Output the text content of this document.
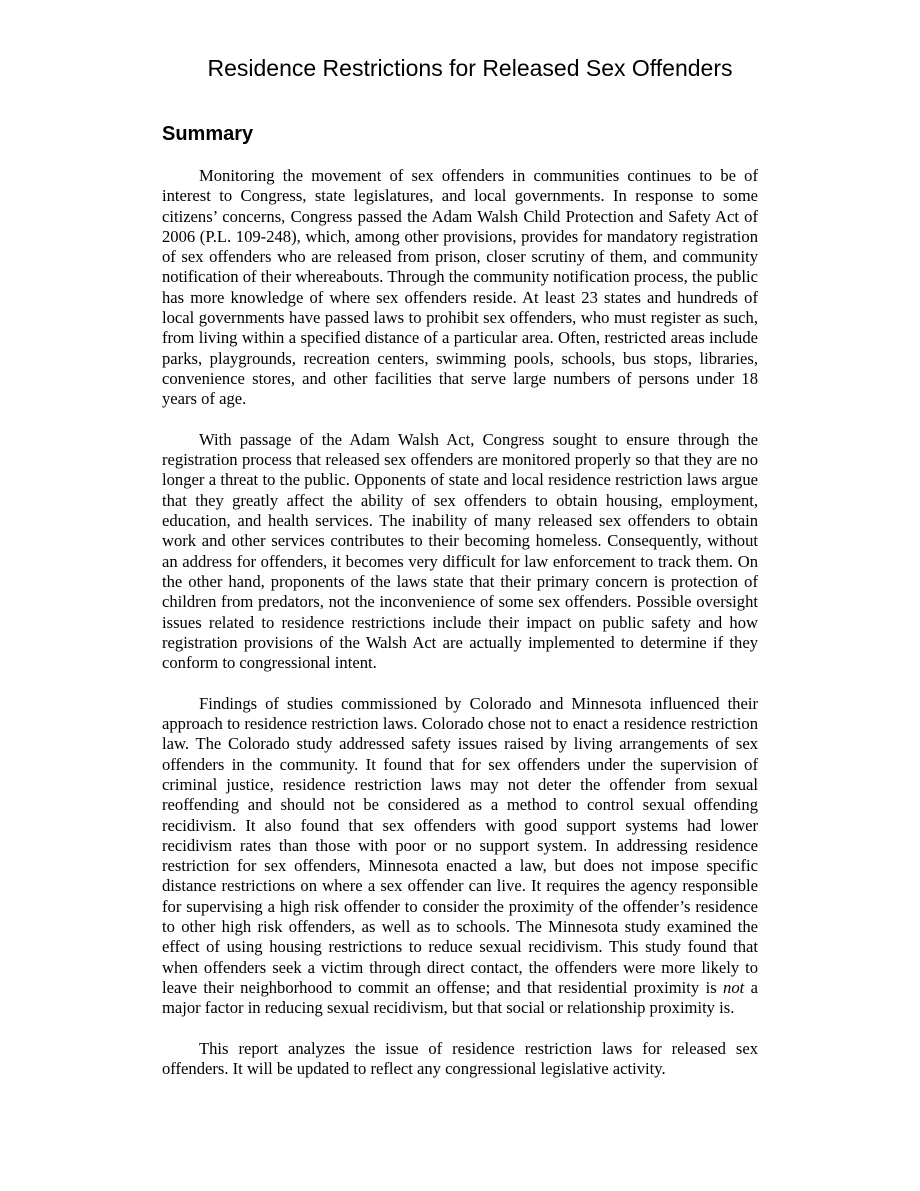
Residence Restrictions for Released Sex Offenders
Summary

Monitoring the movement of sex offenders in communities continues to be of interest to Congress, state legislatures, and local governments. In response to some citizens’ concerns, Congress passed the Adam Walsh Child Protection and Safety Act of 2006 (P.L. 109-248), which, among other provisions, provides for mandatory registration of sex offenders who are released from prison, closer scrutiny of them, and community notification of their whereabouts. Through the community notification process, the public has more knowledge of where sex offenders reside. At least 23 states and hundreds of local governments have passed laws to prohibit sex offenders, who must register as such, from living within a specified distance of a particular area. Often, restricted areas include parks, playgrounds, recreation centers, swimming pools, schools, bus stops, libraries, convenience stores, and other facilities that serve large numbers of persons under 18 years of age.

With passage of the Adam Walsh Act, Congress sought to ensure through the registration process that released sex offenders are monitored properly so that they are no longer a threat to the public. Opponents of state and local residence restriction laws argue that they greatly affect the ability of sex offenders to obtain housing, employment, education, and health services. The inability of many released sex offenders to obtain work and other services contributes to their becoming homeless. Consequently, without an address for offenders, it becomes very difficult for law enforcement to track them. On the other hand, proponents of the laws state that their primary concern is protection of children from predators, not the inconvenience of some sex offenders. Possible oversight issues related to residence restrictions include their impact on public safety and how registration provisions of the Walsh Act are actually implemented to determine if they conform to congressional intent.

Findings of studies commissioned by Colorado and Minnesota influenced their approach to residence restriction laws. Colorado chose not to enact a residence restriction law. The Colorado study addressed safety issues raised by living arrangements of sex offenders in the community. It found that for sex offenders under the supervision of criminal justice, residence restriction laws may not deter the offender from sexual reoffending and should not be considered as a method to control sexual offending recidivism. It also found that sex offenders with good support systems had lower recidivism rates than those with poor or no support system. In addressing residence restriction for sex offenders, Minnesota enacted a law, but does not impose specific distance restrictions on where a sex offender can live. It requires the agency responsible for supervising a high risk offender to consider the proximity of the offender’s residence to other high risk offenders, as well as to schools. The Minnesota study examined the effect of using housing restrictions to reduce sexual recidivism. This study found that when offenders seek a victim through direct contact, the offenders were more likely to leave their neighborhood to commit an offense; and that residential proximity is not a major factor in reducing sexual recidivism, but that social or relationship proximity is.

This report analyzes the issue of residence restriction laws for released sex offenders. It will be updated to reflect any congressional legislative activity.
